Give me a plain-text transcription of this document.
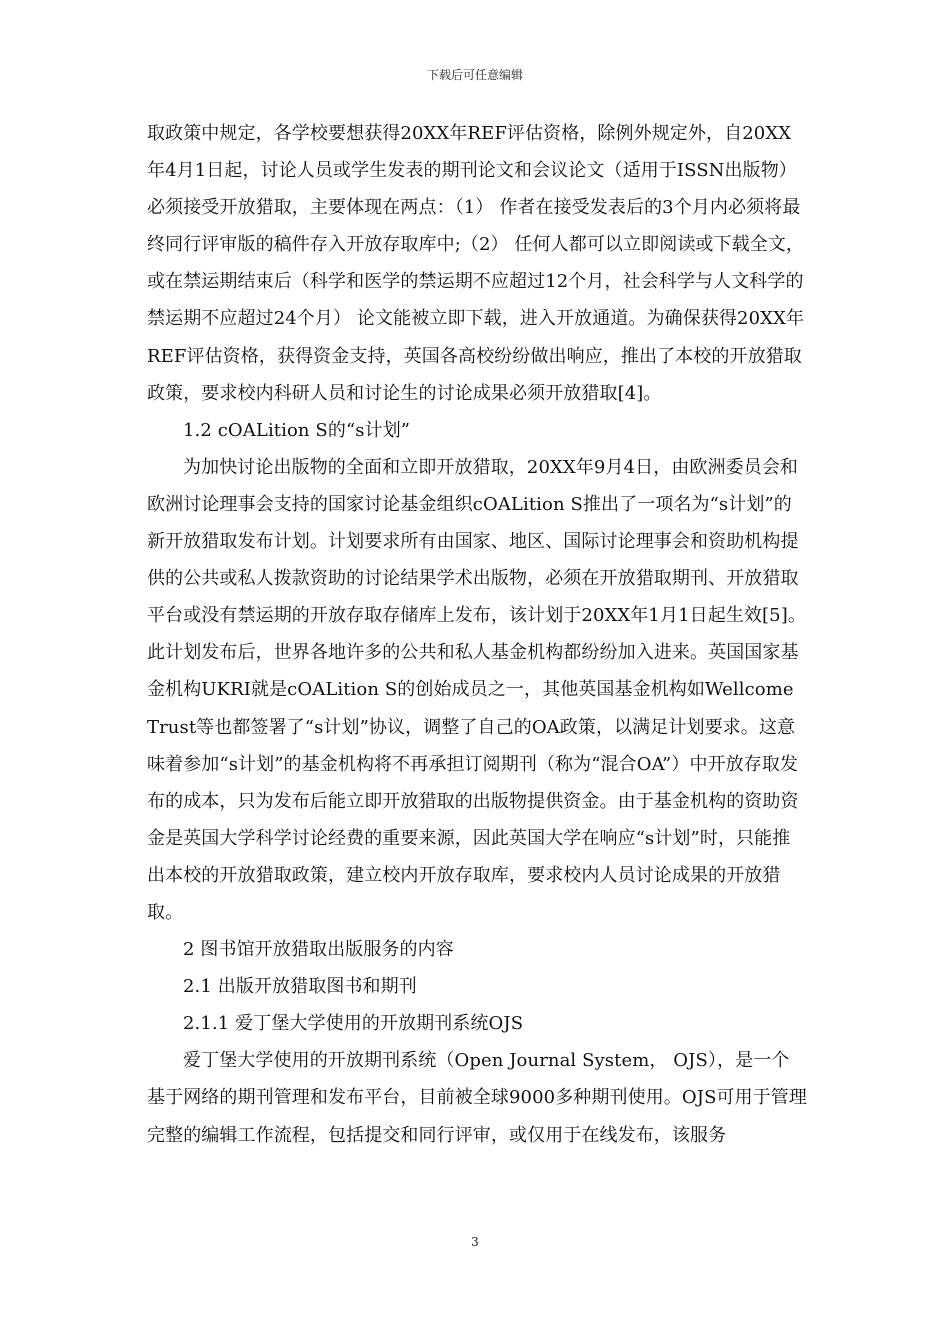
下载后可任意编辑

取政策中规定，各学校要想获得20XX年REF评估资格，除例外规定外，自20XX年4月1日起，讨论人员或学生发表的期刊论文和会议论文（适用于ISSN出版物）必须接受开放猎取，主要体现在两点：（1） 作者在接受发表后的3个月内必须将最终同行评审版的稿件存入开放存取库中;（2） 任何人都可以立即阅读或下载全文，或在禁运期结束后（科学和医学的禁运期不应超过12个月，社会科学与人文科学的禁运期不应超过24个月） 论文能被立即下载，进入开放通道。为确保获得20XX年REF评估资格，获得资金支持，英国各高校纷纷做出响应，推出了本校的开放猎取政策，要求校内科研人员和讨论生的讨论成果必须开放猎取[4]。

1.2 cOALition S的“s计划”

为加快讨论出版物的全面和立即开放猎取，20XX年9月4日，由欧洲委员会和欧洲讨论理事会支持的国家讨论基金组织cOALition S推出了一项名为“s计划”的新开放猎取发布计划。计划要求所有由国家、地区、国际讨论理事会和资助机构提供的公共或私人拨款资助的讨论结果学术出版物，必须在开放猎取期刊、开放猎取平台或没有禁运期的开放存取存储库上发布，该计划于20XX年1月1日起生效[5]。此计划发布后，世界各地许多的公共和私人基金机构都纷纷加入进来。英国国家基金机构UKRI就是cOALition S的创始成员之一，其他英国基金机构如Wellcome Trust等也都签署了“s计划”协议，调整了自己的OA政策，以满足计划要求。这意味着参加“s计划”的基金机构将不再承担订阅期刊（称为“混合OA”）中开放存取发布的成本，只为发布后能立即开放猎取的出版物提供资金。由于基金机构的资助资金是英国大学科学讨论经费的重要来源，因此英国大学在响应“s计划”时，只能推出本校的开放猎取政策，建立校内开放存取库，要求校内人员讨论成果的开放猎取。

2 图书馆开放猎取出版服务的内容

2.1 出版开放猎取图书和期刊

2.1.1 爱丁堡大学使用的开放期刊系统OJS

爱丁堡大学使用的开放期刊系统（Open Journal System， OJS），是一个基于网络的期刊管理和发布平台，目前被全球9000多种期刊使用。OJS可用于管理完整的编辑工作流程，包括提交和同行评审，或仅用于在线发布，该服务

3
